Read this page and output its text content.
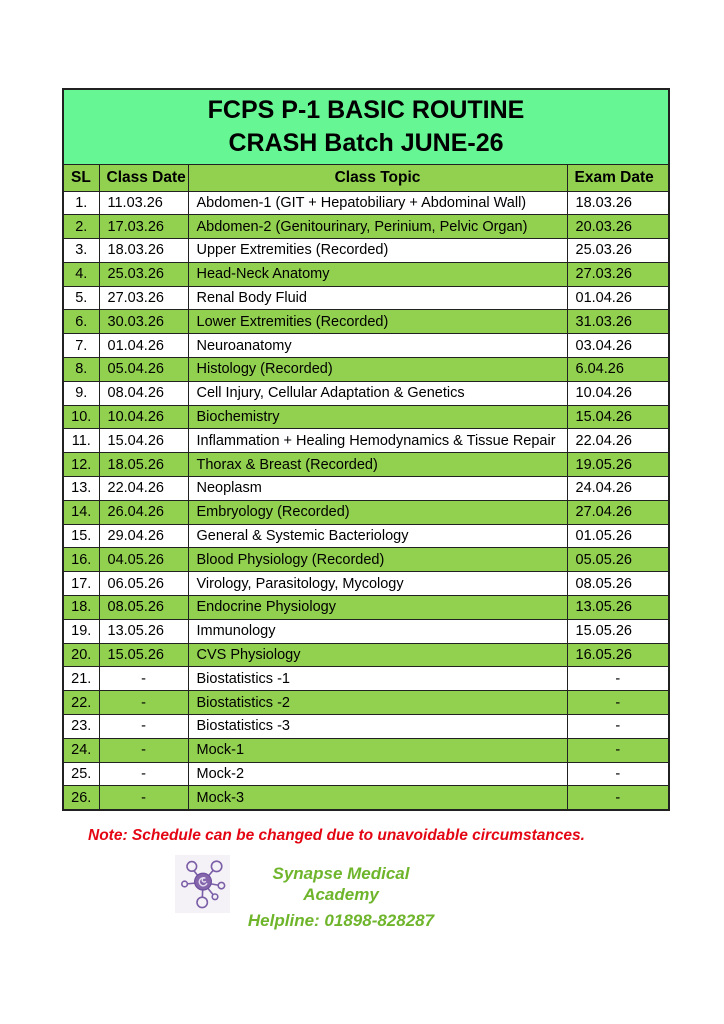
FCPS P-1 BASIC ROUTINE
CRASH Batch JUNE-26			

SL	Class Date	Class Topic	Exam Date
1.	11.03.26	Abdomen-1 (GIT + Hepatobiliary + Abdominal Wall)	18.03.26
2.	17.03.26	Abdomen-2 (Genitourinary, Perinium, Pelvic Organ)	20.03.26
3.	18.03.26	Upper Extremities (Recorded)	25.03.26
4.	25.03.26	Head-Neck Anatomy	27.03.26
5.	27.03.26	Renal Body Fluid	01.04.26
6.	30.03.26	Lower Extremities (Recorded)	31.03.26
7.	01.04.26	Neuroanatomy	03.04.26
8.	05.04.26	Histology (Recorded)	6.04.26
9.	08.04.26	Cell Injury, Cellular Adaptation & Genetics	10.04.26
10.	10.04.26	Biochemistry	15.04.26
11.	15.04.26	Inflammation + Healing Hemodynamics & Tissue Repair	22.04.26
12.	18.05.26	Thorax & Breast (Recorded)	19.05.26
13.	22.04.26	Neoplasm	24.04.26
14.	26.04.26	Embryology (Recorded)	27.04.26
15.	29.04.26	General & Systemic Bacteriology	01.05.26
16.	04.05.26	Blood Physiology (Recorded)	05.05.26
17.	06.05.26	Virology, Parasitology, Mycology	08.05.26
18.	08.05.26	Endocrine Physiology	13.05.26
19.	13.05.26	Immunology	15.05.26
20.	15.05.26	CVS Physiology	16.05.26
21.	-	Biostatistics -1	-
22.	-	Biostatistics -2	-
23.	-	Biostatistics -3	-
24.	-	Mock-1	-
25.	-	Mock-2	-
26.	-	Mock-3	-
Note: Schedule can be changed due to unavoidable circumstances.
Synapse Medical Academy
Helpline: 01898-828287
